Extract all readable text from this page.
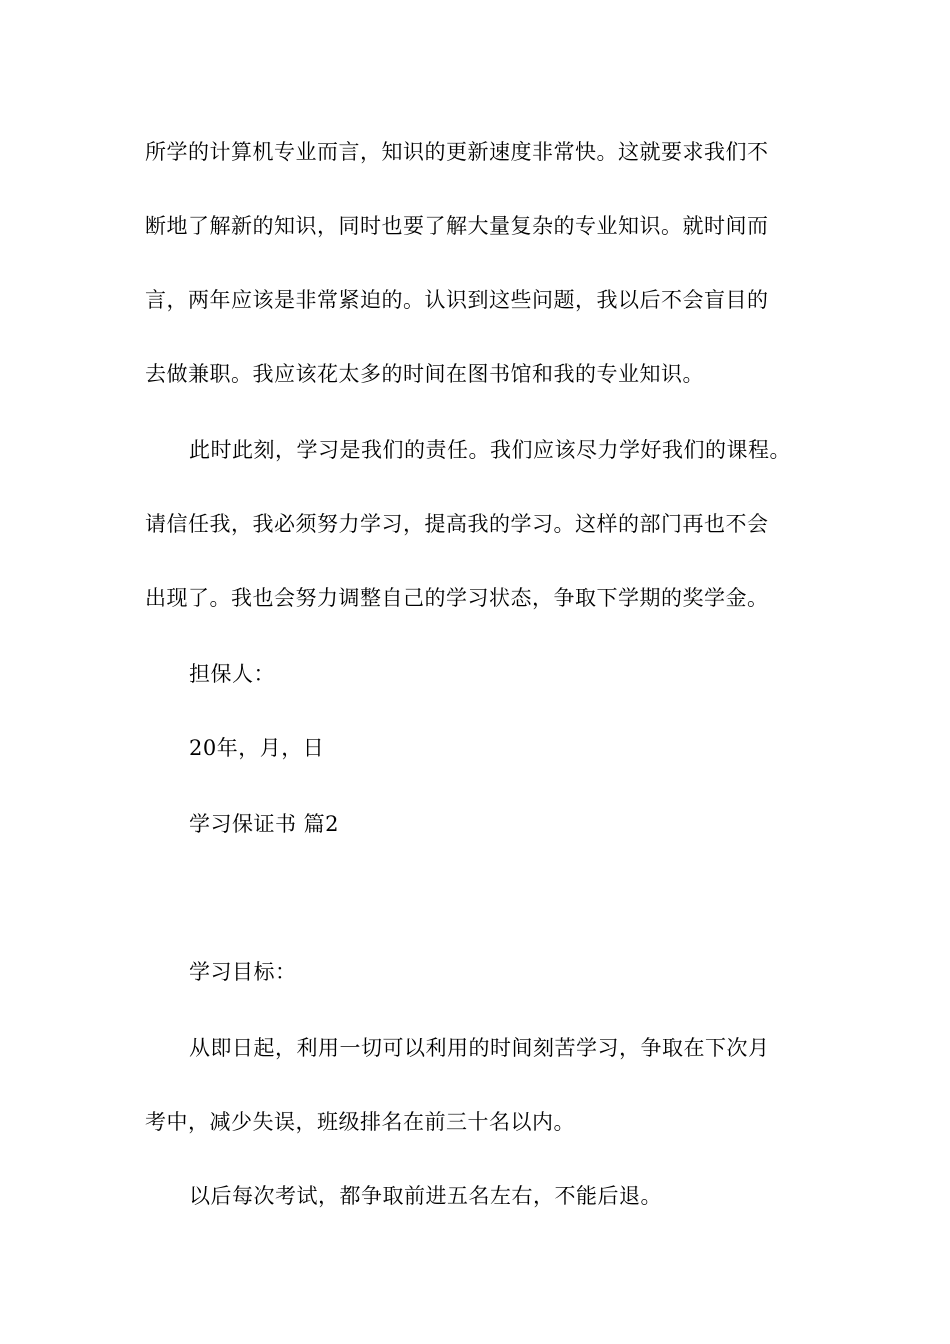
所学的计算机专业而言，知识的更新速度非常快。这就要求我们不
断地了解新的知识，同时也要了解大量复杂的专业知识。就时间而
言，两年应该是非常紧迫的。认识到这些问题，我以后不会盲目的
去做兼职。我应该花太多的时间在图书馆和我的专业知识。
此时此刻，学习是我们的责任。我们应该尽力学好我们的课程。
请信任我，我必须努力学习，提高我的学习。这样的部门再也不会
出现了。我也会努力调整自己的学习状态，争取下学期的奖学金。
担保人：
20年，月，日
学习保证书 篇2
学习目标：
从即日起，利用一切可以利用的时间刻苦学习，争取在下次月
考中，减少失误，班级排名在前三十名以内。
以后每次考试，都争取前进五名左右，不能后退。
